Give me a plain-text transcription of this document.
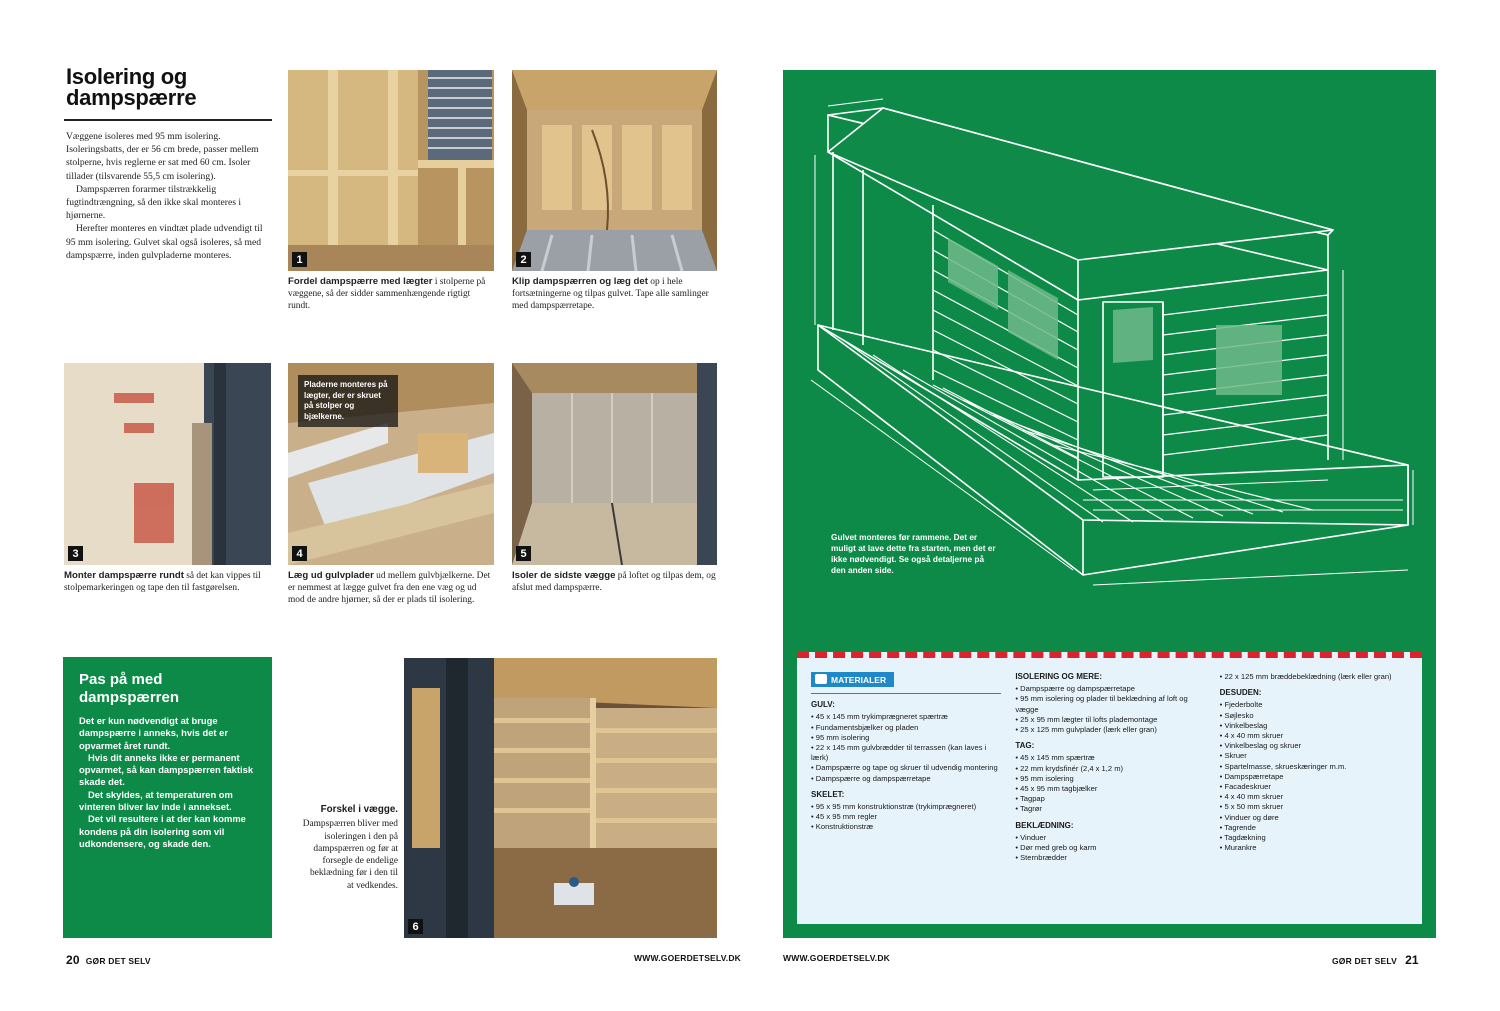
Isolering og dampspærre

Væggene isoleres med 95 mm isolering. Isoleringsbatts, der er 56 cm brede, passer mellem stolperne, hvis reglerne er sat med 60 cm. Isoler tillader (tilsvarende 55,5 cm isolering).

Dampspærren forarmer tilstrækkelig fugtindtrængning, så den ikke skal monteres i hjørnerne.

Herefter monteres en vindtæt plade udvendigt til 95 mm isolering. Gulvet skal også isoleres, så med dampspærre, inden gulvpladerne monteres.	1
Fordel dampspærre med lægter i stolperne på væggene, så der sidder sammenhængende rigtigt rundt.
2
Klip dampspærren og læg det op i hele fortsætningerne og tilpas gulvet. Tape alle samlinger med dampspærretape.
3
Monter dampspærre rundt så det kan vippes til stolpemarkeringen og tape den til fastgørelsen.
Pladerne monteres på lægter, der er skruet på stolper og bjælkerne.
4
Læg ud gulvplader ud mellem gulvbjælkerne. Det er nemmest at lægge gulvet fra den ene væg og ud mod de andre hjørner, så der er plads til isolering.
5
Isoler de sidste vægge på loftet og tilpas dem, og afslut med dampspærre.
Pas på med dampspærren

Det er kun nødvendigt at bruge dampspærre i anneks, hvis det er opvarmet året rundt.

Hvis dit anneks ikke er permanent opvarmet, så kan dampspærren faktisk skade det.

Det skyldes, at temperaturen om vinteren bliver lav inde i annekset.

Det vil resultere i at der kan komme kondens på din isolering som vil udkondensere, og skade den.

Forskel i vægge.
Dampspærren bliver med isoleringen i den på dampspærren og før at forsegle de endelige beklædning før i den til at vedkendes.
6
20 GØR DET SELV	WWW.GOERDETSELV.DK
Gulvet monteres før rammene. Det er muligt at lave dette fra starten, men det er ikke nødvendigt. Se også detaljerne på den anden side.
MATERIALER
GULV:
• 45 x 145 mm trykimprægneret spærtræ
• Fundamentsbjælker og pladen
• 95 mm isolering
• 22 x 145 mm gulvbrædder til terrassen (kan laves i lærk)
• Dampspærre og tape og skruer til udvendig montering
• Dampspærre og dampspærretape
SKELET:
• 95 x 95 mm konstruktionstræ (trykimprægneret)
• 45 x 95 mm regler
• Konstruktionstræ
ISOLERING OG MERE:
• Dampspærre og dampspærretape
• 95 mm isolering og plader til beklædning af loft og vægge
• 25 x 95 mm lægter til lofts plademontage
• 25 x 125 mm gulvplader (lærk eller gran)
TAG:
• 45 x 145 mm spærtræ
• 22 mm krydsfinér (2,4 x 1,2 m)
• 95 mm isolering
• 45 x 95 mm tagbjælker
• Tagpap
• Tagrør
BEKLÆDNING:
• Vinduer
• Dør med greb og karm
• Sternbrædder
• 22 x 125 mm bræddebeklædning (lærk eller gran)
DESUDEN:
• Fjederbolte
• Søjlesko
• Vinkelbeslag
• 4 x 40 mm skruer
• Vinkelbeslag og skruer
• Skruer
• Spartelmasse, skrueskæringer m.m.
• Dampspærretape
• Facadeskruer
• 4 x 40 mm skruer
• 5 x 50 mm skruer
• Vinduer og døre
• Tagrende
• Tagdækning
• Murankre
WWW.GOERDETSELV.DK	GØR DET SELV 21
